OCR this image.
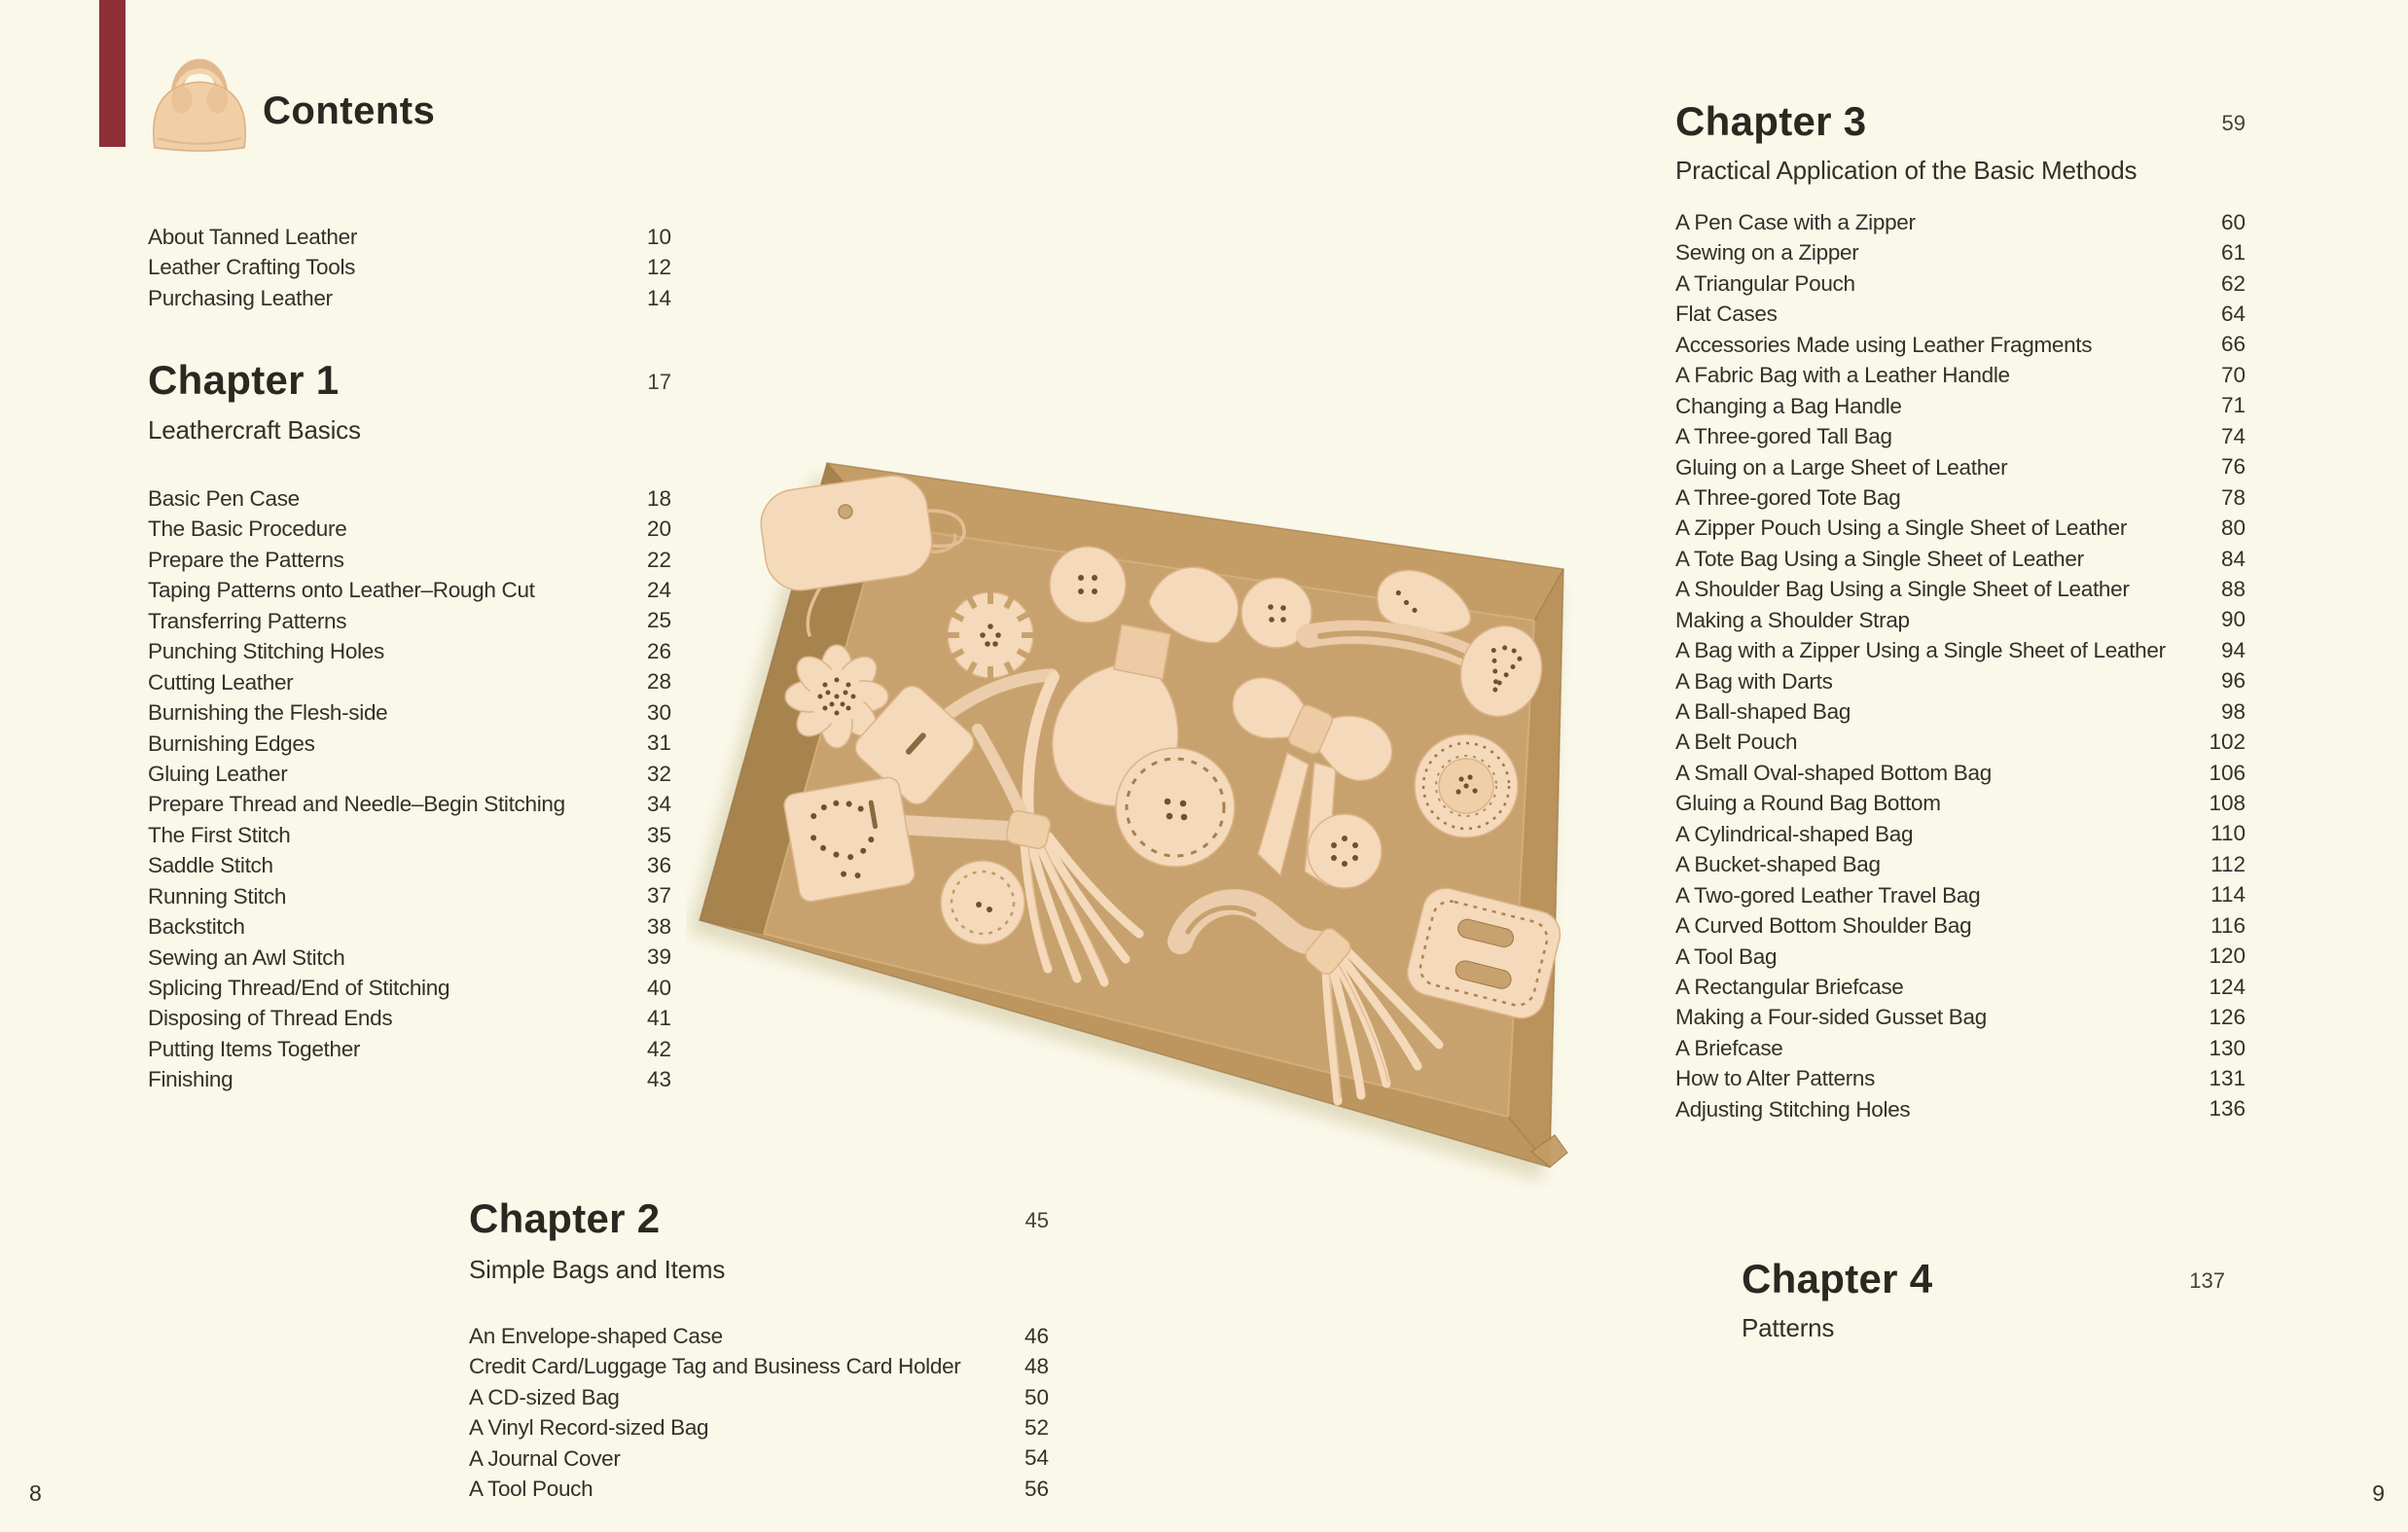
Contents
About Tanned Leather	10
Leather Crafting Tools	12
Purchasing Leather	14
Chapter 1	17
Leathercraft Basics
Basic Pen Case	18
The Basic Procedure	20
Prepare the Patterns	22
Taping Patterns onto Leather–Rough Cut	24
Transferring Patterns	25
Punching Stitching Holes	26
Cutting Leather	28
Burnishing the Flesh-side	30
Burnishing Edges	31
Gluing Leather	32
Prepare Thread and Needle–Begin Stitching	34
The First Stitch	35
Saddle Stitch	36
Running Stitch	37
Backstitch	38
Sewing an Awl Stitch	39
Splicing Thread/End of Stitching	40
Disposing of Thread Ends	41
Putting Items Together	42
Finishing	43
Chapter 2	45
Simple Bags and Items
An Envelope-shaped Case	46
Credit Card/Luggage Tag and Business Card Holder	48
A CD-sized Bag	50
A Vinyl Record-sized Bag	52
A Journal Cover	54
A Tool Pouch	56
Chapter 3	59
Practical Application of the Basic Methods
A Pen Case with a Zipper	60
Sewing on a Zipper	61
A Triangular Pouch	62
Flat Cases	64
Accessories Made using Leather Fragments	66
A Fabric Bag with a Leather Handle	70
Changing a Bag Handle	71
A Three-gored Tall Bag	74
Gluing on a Large Sheet of Leather	76
A Three-gored Tote Bag	78
A Zipper Pouch Using a Single Sheet of Leather	80
A Tote Bag Using a Single Sheet of Leather	84
A Shoulder Bag Using a Single Sheet of Leather	88
Making a Shoulder Strap	90
A Bag with a Zipper Using a Single Sheet of Leather	94
A Bag with Darts	96
A Ball-shaped Bag	98
A Belt Pouch	102
A Small Oval-shaped Bottom Bag	106
Gluing a Round Bag Bottom	108
A Cylindrical-shaped Bag	110
A Bucket-shaped Bag	112
A Two-gored Leather Travel Bag	114
A Curved Bottom Shoulder Bag	116
A Tool Bag	120
A Rectangular Briefcase	124
Making a Four-sided Gusset Bag	126
A Briefcase	130
How to Alter Patterns	131
Adjusting Stitching Holes	136
Chapter 4	137
Patterns
8	9
